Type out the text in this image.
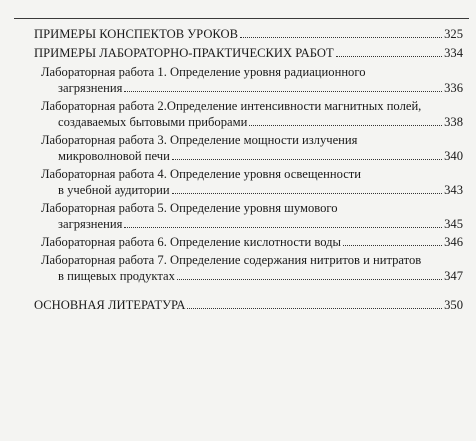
ПРИМЕРЫ КОНСПЕКТОВ УРОКОВ	325
ПРИМЕРЫ ЛАБОРАТОРНО-ПРАКТИЧЕСКИХ РАБОТ	334
Лабораторная работа 1. Определение уровня радиационного
загрязнения	336
Лабораторная работа 2.Определение интенсивности магнитных полей,
создаваемых бытовыми приборами	338
Лабораторная работа 3. Определение мощности излучения
микроволновой печи	340
Лабораторная работа 4. Определение уровня освещенности
в учебной аудитории	343
Лабораторная работа 5. Определение уровня шумового
загрязнения	345
Лабораторная работа 6. Определение кислотности воды	346
Лабораторная работа 7. Определение содержания нитритов и нитратов
в пищевых продуктах	347
ОСНОВНАЯ ЛИТЕРАТУРА	350
